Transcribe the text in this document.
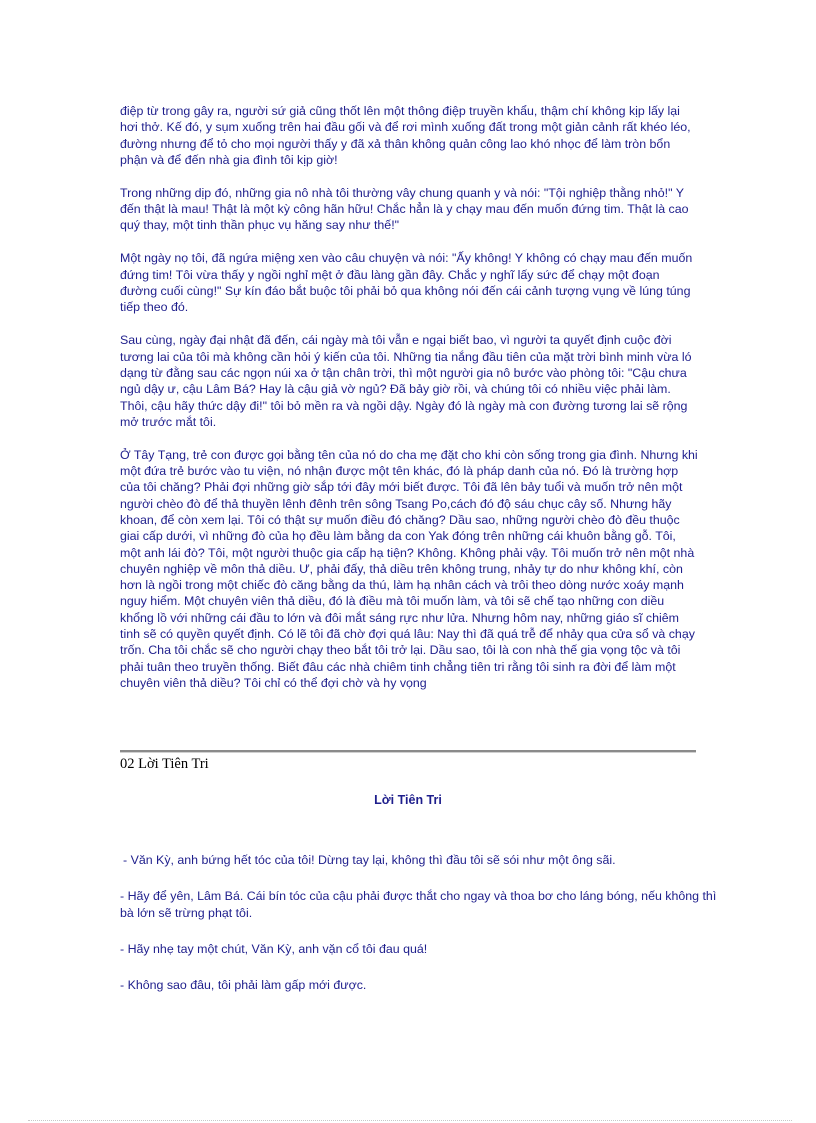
điệp từ trong gây ra, người sứ giả cũng thốt lên một thông điệp truyền khẩu, thậm chí không kịp lấy lại hơi thở. Kế đó, y sụm xuống trên hai đầu gối và để rơi mình xuống đất trong một giản cảnh rất khéo léo, đường nhưng để tỏ cho mọi người thấy y đã xả thân không quản công lao khó nhọc để làm tròn bổn phận và để đến nhà gia đình tôi kịp giờ!

Trong những dịp đó, những gia nô nhà tôi thường vây chung quanh y và nói: "Tội nghiệp thằng nhỏ!" Y đến thật là mau! Thật là một kỳ công hãn hữu! Chắc hẳn là y chạy mau đến muốn đứng tim. Thật là cao quý thay, một tinh thần phục vụ hăng say như thế!"

Một ngày nọ tôi, đã ngứa miệng xen vào câu chuyện và nói: "Ấy không! Y không có chạy mau đến muốn đứng tim! Tôi vừa thấy y ngồi nghỉ mệt ở đầu làng gần đây. Chắc y nghĩ lấy sức để chạy một đoạn đường cuối cùng!" Sự kín đáo bắt buộc tôi phải bỏ qua không nói đến cái cảnh tượng vụng về lúng túng tiếp theo đó.

Sau cùng, ngày đại nhật đã đến, cái ngày mà tôi vẫn e ngại biết bao, vì người ta quyết định cuộc đời tương lai của tôi mà không cần hỏi ý kiến của tôi. Những tia nắng đầu tiên của mặt trời bình minh vừa ló dạng từ đằng sau các ngọn núi xa ở tận chân trời, thì một người gia nô bước vào phòng tôi: "Cậu chưa ngủ dậy ư, cậu Lâm Bá? Hay là cậu giả vờ ngủ? Đã bảy giờ rồi, và chúng tôi có nhiều việc phải làm. Thôi, cậu hãy thức dậy đi!" tôi bỏ mền ra và ngồi dậy. Ngày đó là ngày mà con đường tương lai sẽ rộng mở trước mắt tôi.

Ở Tây Tạng, trẻ con được gọi bằng tên của nó do cha mẹ đặt cho khi còn sống trong gia đình. Nhưng khi một đứa trẻ bước vào tu viện, nó nhận được một tên khác, đó là pháp danh của nó. Đó là trường hợp của tôi chăng? Phải đợi những giờ sắp tới đây mới biết được. Tôi đã lên bảy tuổi và muốn trở nên một người chèo đò để thả thuyền lênh đênh trên sông Tsang Po,cách đó độ sáu chục cây số. Nhưng hãy khoan, để còn xem lại. Tôi có thật sự muốn điều đó chăng? Dầu sao, những người chèo đò đều thuộc giai cấp dưới, vì những đò của họ đều làm bằng da con Yak đóng trên những cái khuôn bằng gỗ. Tôi, một anh lái đò? Tôi, một người thuộc gia cấp hạ tiện? Không. Không phải vậy. Tôi muốn trở nên một nhà chuyên nghiệp về môn thả diều. Ư, phải đấy, thả diều trên không trung, nhảy tự do như không khí, còn hơn là ngồi trong một chiếc đò căng bằng da thú, làm hạ nhân cách và trôi theo dòng nước xoáy mạnh nguy hiểm. Một chuyên viên thả diều, đó là điều mà tôi muốn làm, và tôi sẽ chế tạo những con diều khổng lồ với những cái đầu to lớn và đôi mắt sáng rực như lửa. Nhưng hôm nay, những giáo sĩ chiêm tinh sẽ có quyền quyết định. Có lẽ tôi đã chờ đợi quá lâu: Nay thì đã quá trễ để nhảy qua cửa sổ và chạy trốn. Cha tôi chắc sẽ cho người chạy theo bắt tôi trở lại. Dầu sao, tôi là con nhà thế gia vọng tộc và tôi phải tuân theo truyền thống. Biết đâu các nhà chiêm tinh chẳng tiên tri rằng tôi sinh ra đời để làm một chuyên viên thả diều? Tôi chỉ có thể đợi chờ và hy vọng

02 Lời Tiên Tri
Lời Tiên Tri
- Văn Kỳ, anh bứng hết tóc của tôi! Dừng tay lại, không thì đầu tôi sẽ sói như một ông sãi.
- Hãy để yên, Lâm Bá. Cái bín tóc của cậu phải được thắt cho ngay và thoa bơ cho láng bóng, nếu không thì bà lớn sẽ trừng phạt tôi.
- Hãy nhẹ tay một chút, Văn Kỳ, anh vặn cổ tôi đau quá!
- Không sao đâu, tôi phải làm gấp mới được.
